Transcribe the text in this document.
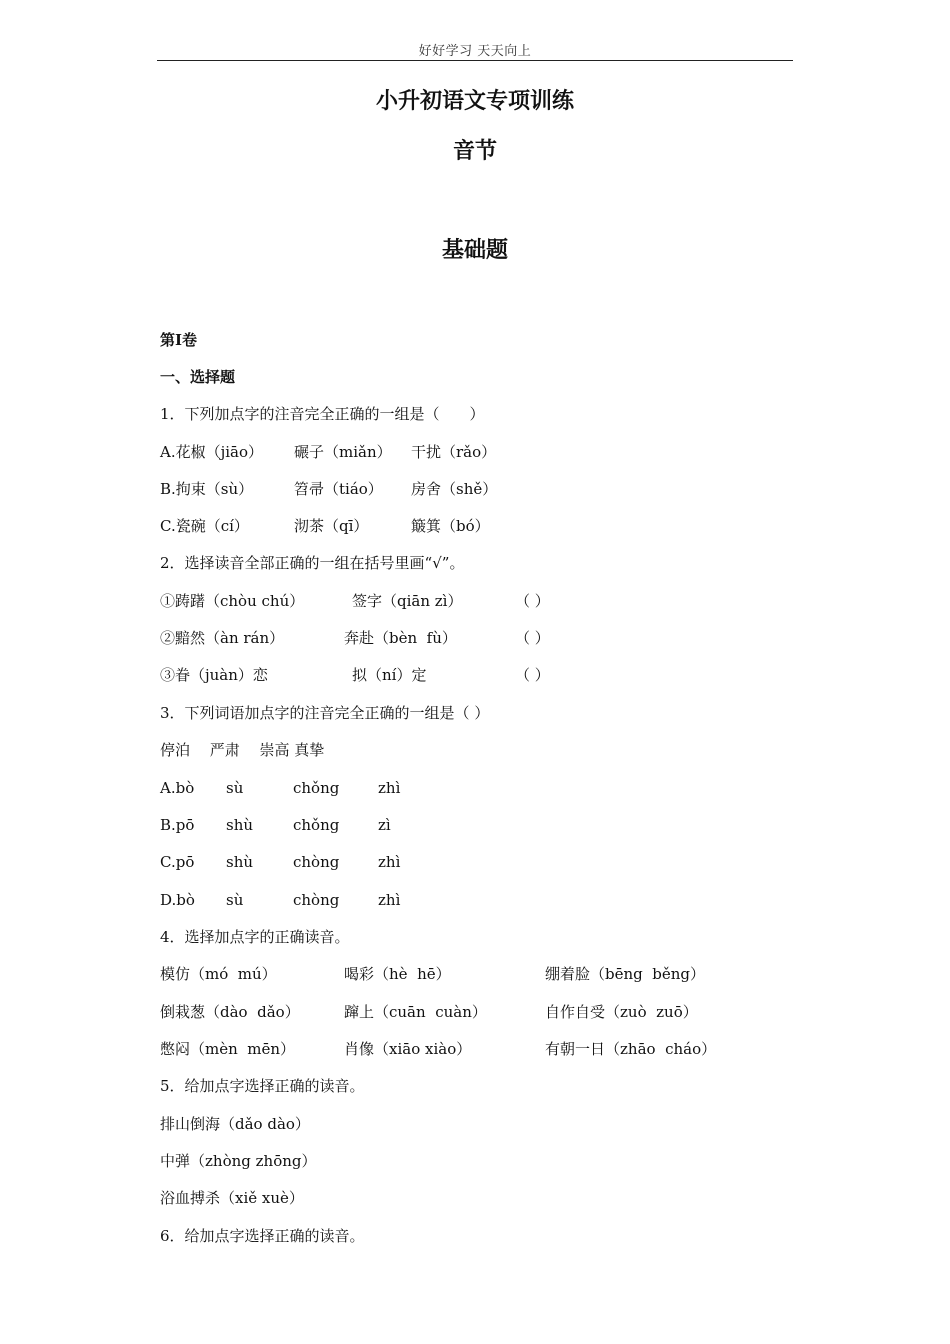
好好学习 天天向上
小升初语文专项训练
音节
基础题
第Ⅰ卷
一、选择题
1．下列加点字的注音完全正确的一组是（　　）
A.花椒（jiāo） 碾子（miǎn） 干扰（rǎo）
B.拘束（sù）	笤帚（tiáo） 房舍（shě）
C.瓷碗（cí）	沏茶（qī）	簸箕（bó）
2．选择读音全部正确的一组在括号里画“√”。
①踌躇（chòu chú）	签字（qiān zì）	（ ）
②黯然（àn rán）	奔赴（bèn  fù）	（ ）
③眷（juàn）恋	拟（ní）定	（ ）
3．下列词语加点字的注音完全正确的一组是（ ）
停泊　 严肃　 崇高 真挚
A.bò sù	chǒng	zhì
B.pō shù	chǒng	zì
C.pō shù	chòng	zhì
D.bò sù	chòng	zhì
4．选择加点字的正确读音。
模仿（mó  mú）	喝彩（hè  hē）	绷着脸（bēng  běng）
倒栽葱（dào  dǎo）	蹿上（cuān  cuàn）	自作自受（zuò  zuō）
憋闷（mèn  mēn）	肖像（xiāo xiào）	有朝一日（zhāo  cháo）
5．给加点字选择正确的读音。
排山倒海（dǎo dào）
中弹（zhòng zhōng）
浴血搏杀（xiě xuè）
6．给加点字选择正确的读音。
